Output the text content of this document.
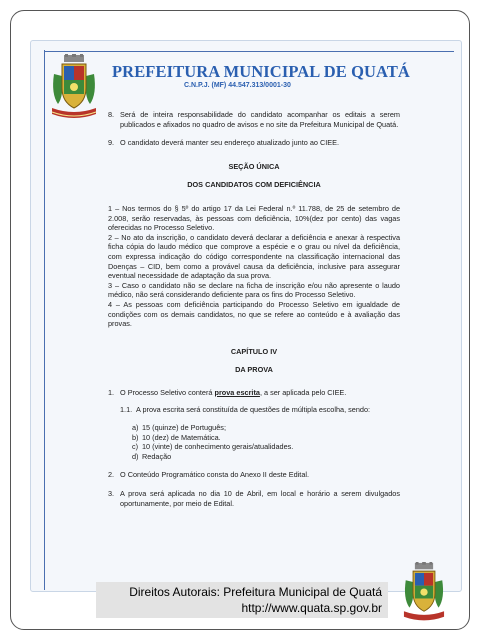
PREFEITURA MUNICIPAL DE QUATÁ
C.N.P.J. (MF) 44.547.313/0001-30
8. Será de inteira responsabilidade do candidato acompanhar os editais a serem publicados e afixados no quadro de avisos e no site da Prefeitura Municipal de Quatá.
9. O candidato deverá manter seu endereço atualizado junto ao CIEE.
SEÇÃO ÚNICA
DOS CANDIDATOS COM DEFICIÊNCIA
1 – Nos termos do § 5º do artigo 17 da Lei Federal n.º 11.788, de 25 de setembro de 2.008, serão reservadas, às pessoas com deficiência, 10%(dez por cento) das vagas oferecidas no Processo Seletivo.
2 – No ato da inscrição, o candidato deverá declarar a deficiência e anexar à respectiva ficha cópia do laudo médico que comprove a espécie e o grau ou nível da deficiência, com expressa indicação do código correspondente na classificação internacional das Doenças – CID, bem como a provável causa da deficiência, inclusive para assegurar eventual necessidade de adaptação da sua prova.
3 – Caso o candidato não se declare na ficha de inscrição e/ou não apresente o laudo médico, não será considerando deficiente para os fins do Processo Seletivo.
4 – As pessoas com deficiência participando do Processo Seletivo em igualdade de condições com os demais candidatos, no que se refere ao conteúdo e à avaliação das provas.
CAPÍTULO IV
DA PROVA
1. O Processo Seletivo conterá prova escrita, a ser aplicada pelo CIEE.
1.1. A prova escrita será constituída de questões de múltipla escolha, sendo:
a) 15 (quinze) de Português;
b) 10 (dez) de Matemática.
c) 10 (vinte) de conhecimento gerais/atualidades.
d) Redação
2. O Conteúdo Programático consta do Anexo II deste Edital.
3. A prova será aplicada no dia 10 de Abril, em local e horário a serem divulgados oportunamente, por meio de Edital.
Direitos Autorais: Prefeitura Municipal de Quatá
http://www.quata.sp.gov.br
QUATÁ
